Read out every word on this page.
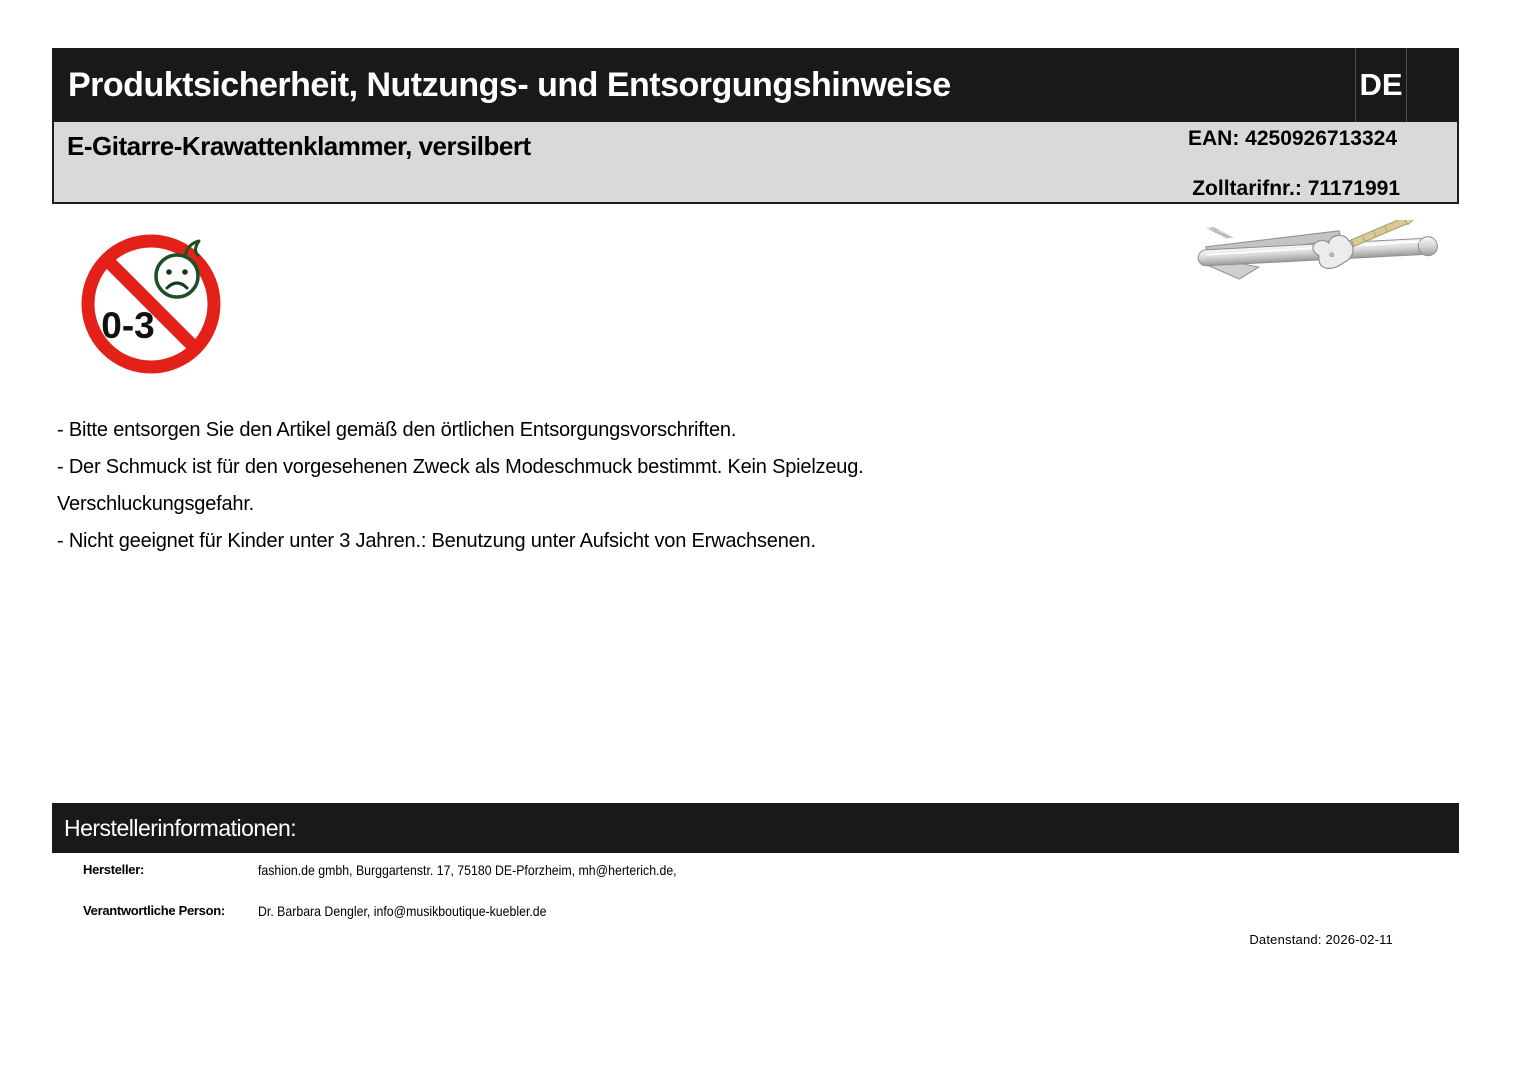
Produktsicherheit, Nutzungs- und Entsorgungshinweise	DE
E-Gitarre-Krawattenklammer, versilbert	EAN: 4250926713324
Zolltarifnr.: 71171991
0-3
- Bitte entsorgen Sie den Artikel gemäß den örtlichen Entsorgungsvorschriften.
- Der Schmuck ist für den vorgesehenen Zweck als Modeschmuck bestimmt. Kein Spielzeug.
Verschluckungsgefahr.
- Nicht geeignet für Kinder unter 3 Jahren.: Benutzung unter Aufsicht von Erwachsenen.
Herstellerinformationen:
Hersteller:	fashion.de gmbh, Burggartenstr. 17, 75180 DE-Pforzheim, mh@herterich.de,
Verantwortliche Person: Dr. Barbara Dengler, info@musikboutique-kuebler.de
Datenstand: 2026-02-11
